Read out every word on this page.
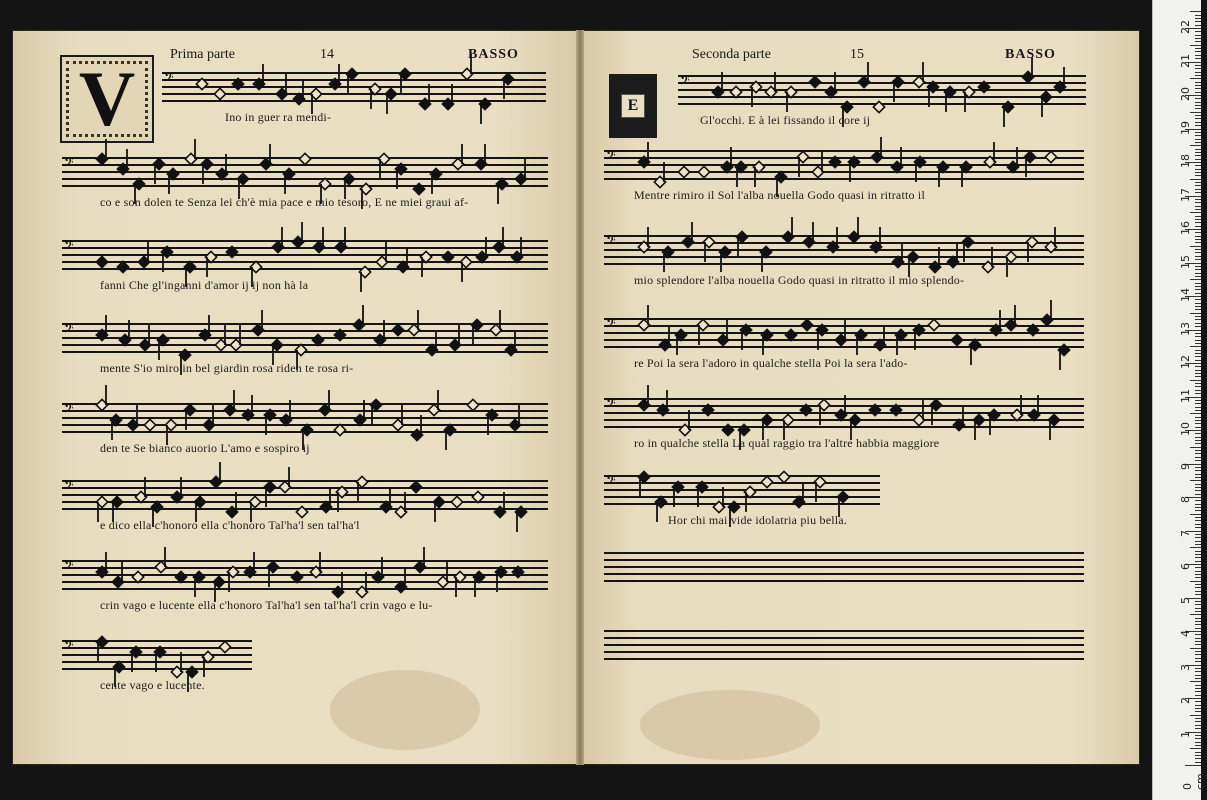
Prima parte	14	BASSO
V 𝄢
Ino in guer ra mendi-
𝄢
co e son dolen te Senza lei ch'è mia pace e mio tesoro, E ne miei graui af-
𝄢
fanni Che gl'inganni d'amor ij ij non hà la
𝄢
mente S'io miro in bel giardin rosa riden te rosa ri-
𝄢
den te Se bianco auorio L'amo e sospiro ij
𝄢
e dico ella c'honoro ella c'honoro Tal'ha'l sen tal'ha'l
𝄢
crin vago e lucente ella c'honoro Tal'ha'l sen tal'ha'l crin vago e lu-
𝄢
cente vago e lucente.
Seconda parte	15	BASSO
E
𝄢
Gl'occhi. E à lei fissando il core ij
𝄢
Mentre rimiro il Sol l'alba nouella Godo quasi in ritratto il
𝄢
mio splendore l'alba nouella Godo quasi in ritratto il mio splendo-
𝄢
re Poi la sera l'adoro in qualche stella Poi la sera l'ado-
𝄢
ro in qualche stella La qual raggio tra l'altre habbia maggiore
𝄢
Hor chi mai vide idolatria piu bella.
0 cm
1
2
3
4
5
6
7
8
9
10
11
12
13
14
15
16
17
18
19
20
21
22
